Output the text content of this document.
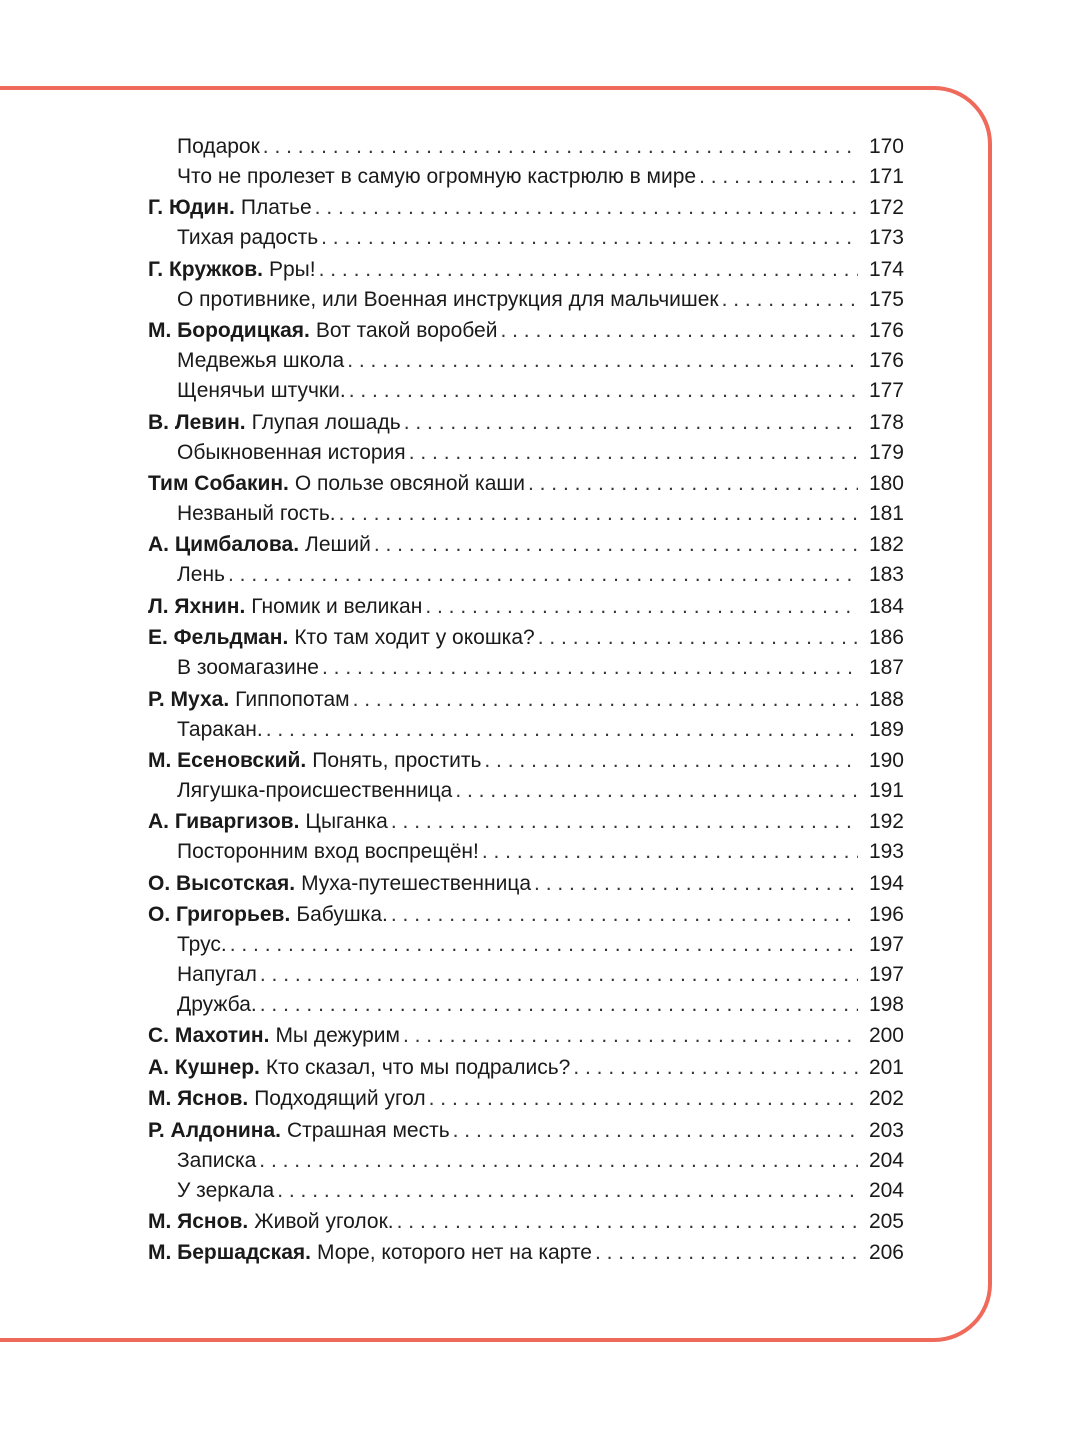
Подарок . . .	170
Что не пролезет в самую огромную кастрюлю в мире . . .	171
Г. Юдин. Платье . . .	172
Тихая радость . . .	173
Г. Кружков. Рры! . . .	174
О противнике, или Военная инструкция для мальчишек . . .	175
М. Бородицкая. Вот такой воробей . . .	176
Медвежья школа . . .	176
Щенячьи штучки. . . .	177
В. Левин. Глупая лошадь . . .	178
Обыкновенная история . . .	179
Тим Собакин. О пользе овсяной каши . . .	180
Незваный гость. . . .	181
А. Цимбалова. Леший . . .	182
Лень . . .	183
Л. Яхнин. Гномик и великан . . .	184
Е. Фельдман. Кто там ходит у окошка? . . .	186
В зоомагазине . . .	187
Р. Муха. Гиппопотам . . .	188
Таракан. . . .	189
М. Есеновский. Понять, простить . . .	190
Лягушка-происшественница . . .	191
А. Гиваргизов. Цыганка . . .	192
Посторонним вход воспрещён! . . .	193
О. Высотская. Муха-путешественница . . .	194
О. Григорьев. Бабушка. . . .	196
Трус. . . .	197
Напугал . . .	197
Дружба. . . .	198
С. Махотин. Мы дежурим . . .	200
А. Кушнер. Кто сказал, что мы подрались? . . .	201
М. Яснов. Подходящий угол . . .	202
Р. Алдонина. Страшная месть . . .	203
Записка . . .	204
У зеркала . . .	204
М. Яснов. Живой уголок. . . .	205
М. Бершадская. Море, которого нет на карте . . .	206
